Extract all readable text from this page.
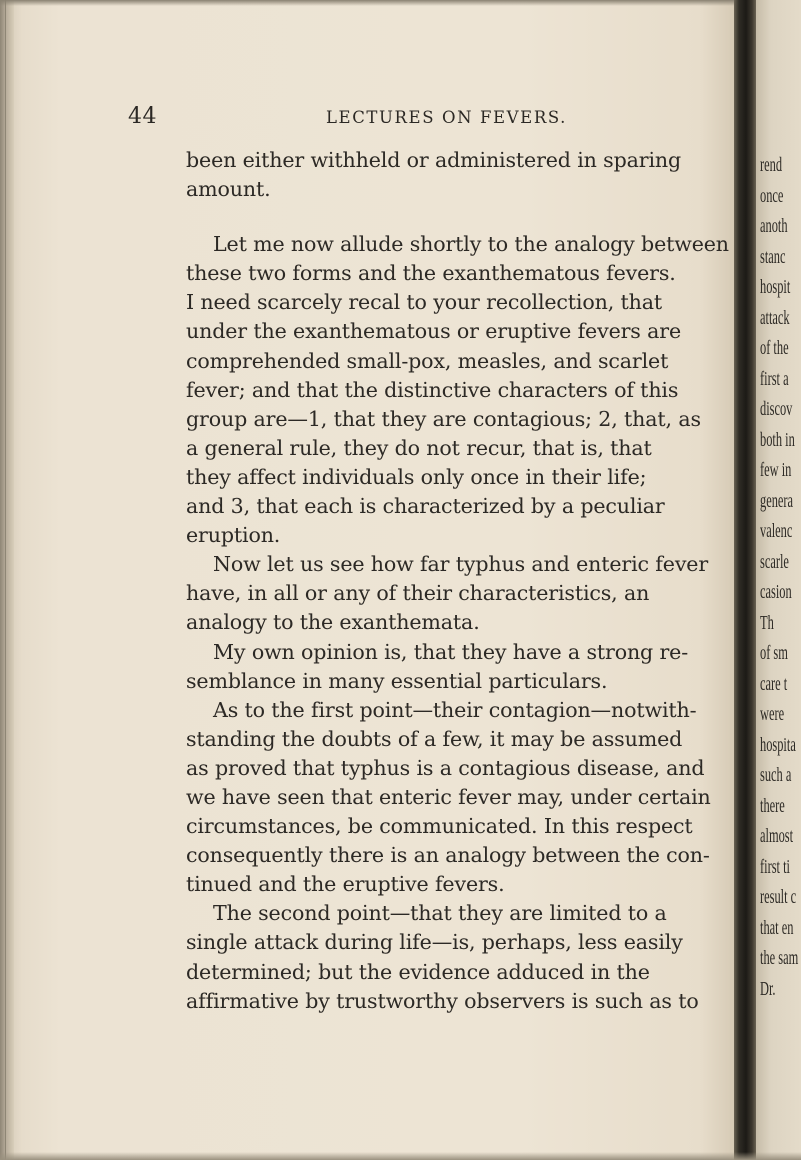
44	LECTURES ON FEVERS.
been either withheld or administered in sparing
amount.
Let me now allude shortly to the analogy between
these two forms and the exanthematous fevers.
I need scarcely recal to your recollection, that
under the exanthematous or eruptive fevers are
comprehended small-pox, measles, and scarlet
fever; and that the distinctive characters of this
group are—1, that they are contagious; 2, that, as
a general rule, they do not recur, that is, that
they affect individuals only once in their life;
and 3, that each is characterized by a peculiar
eruption.
Now let us see how far typhus and enteric fever
have, in all or any of their characteristics, an
analogy to the exanthemata.
My own opinion is, that they have a strong re-
semblance in many essential particulars.
As to the first point—their contagion—notwith-
standing the doubts of a few, it may be assumed
as proved that typhus is a contagious disease, and
we have seen that enteric fever may, under certain
circumstances, be communicated. In this respect
consequently there is an analogy between the con-
tinued and the eruptive fevers.
The second point—that they are limited to a
single attack during life—is, perhaps, less easily
determined; but the evidence adduced in the
affirmative by trustworthy observers is such as to
rend
once
anoth
stanc
hospit
attack
of the
first a
discov
both in
few in
genera
valenc
scarle
casion
Th
of sm
care t
were
hospita
such a
there
almost
first ti
result c
that en
the sam
Dr.
